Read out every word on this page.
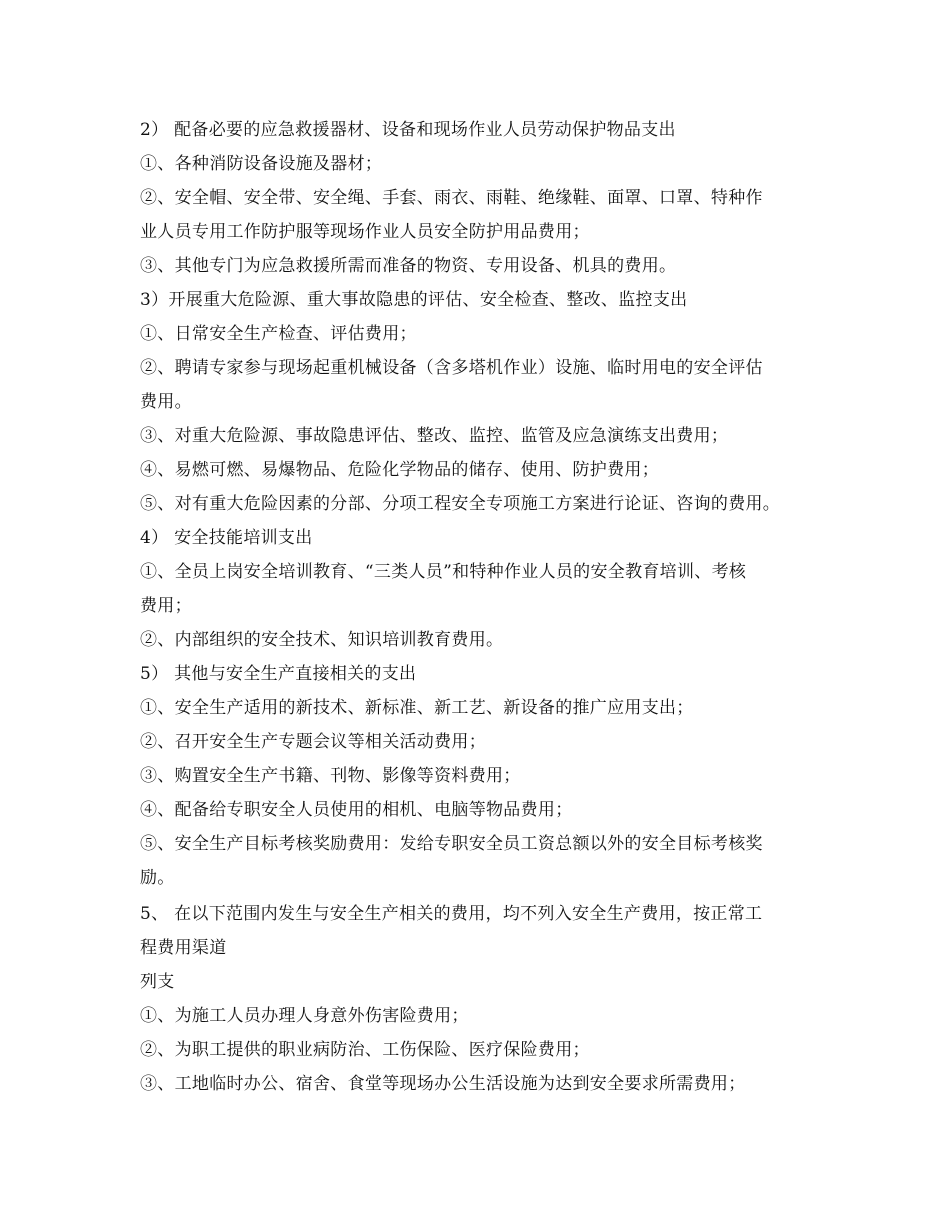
2） 配备必要的应急救援器材、设备和现场作业人员劳动保护物品支出
①、各种消防设备设施及器材；
②、安全帽、安全带、安全绳、手套、雨衣、雨鞋、绝缘鞋、面罩、口罩、特种作
业人员专用工作防护服等现场作业人员安全防护用品费用；
③、其他专门为应急救援所需而准备的物资、专用设备、机具的费用。
3）开展重大危险源、重大事故隐患的评估、安全检查、整改、监控支出
①、日常安全生产检查、评估费用；
②、聘请专家参与现场起重机械设备（含多塔机作业）设施、临时用电的安全评估
费用。
③、对重大危险源、事故隐患评估、整改、监控、监管及应急演练支出费用；
④、易燃可燃、易爆物品、危险化学物品的储存、使用、防护费用；
⑤、对有重大危险因素的分部、分项工程安全专项施工方案进行论证、咨询的费用。
4） 安全技能培训支出
①、全员上岗安全培训教育、“三类人员”和特种作业人员的安全教育培训、考核
费用；
②、内部组织的安全技术、知识培训教育费用。
5） 其他与安全生产直接相关的支出
①、安全生产适用的新技术、新标准、新工艺、新设备的推广应用支出；
②、召开安全生产专题会议等相关活动费用；
③、购置安全生产书籍、刊物、影像等资料费用；
④、配备给专职安全人员使用的相机、电脑等物品费用；
⑤、安全生产目标考核奖励费用：发给专职安全员工资总额以外的安全目标考核奖
励。
5、 在以下范围内发生与安全生产相关的费用，均不列入安全生产费用，按正常工
程费用渠道
列支
①、为施工人员办理人身意外伤害险费用；
②、为职工提供的职业病防治、工伤保险、医疗保险费用；
③、工地临时办公、宿舍、食堂等现场办公生活设施为达到安全要求所需费用；
